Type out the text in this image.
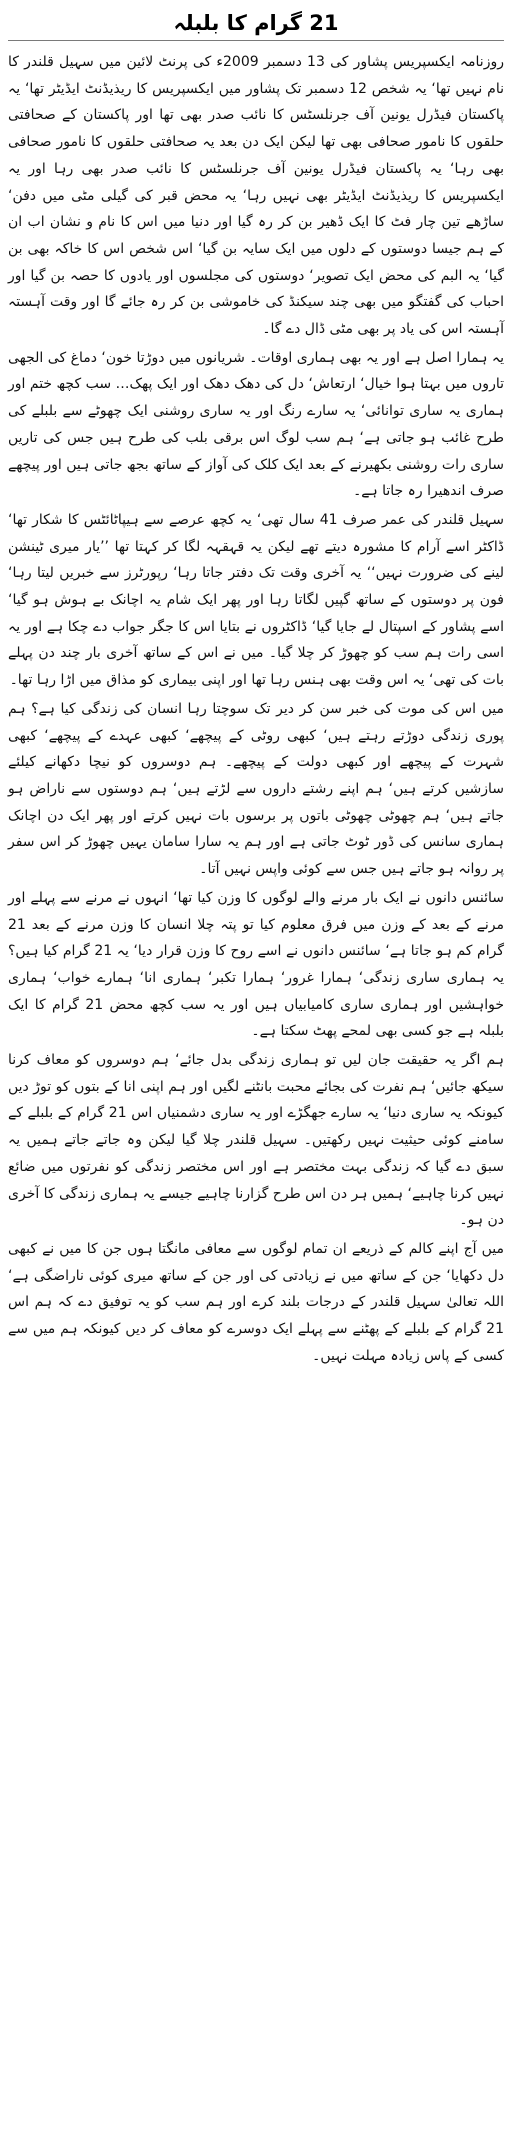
21 گرام کا بلبلہ

روزنامہ ایکسپریس پشاور کی 13 دسمبر 2009ء کی پرنٹ لائین میں سہیل قلندر کا نام نہیں تھا‘ یہ شخص 12 دسمبر تک پشاور میں ایکسپریس کا ریذیڈنٹ ایڈیٹر تھا‘ یہ پاکستان فیڈرل یونین آف جرنلسٹس کا نائب صدر بھی تھا اور پاکستان کے صحافتی حلقوں کا نامور صحافی بھی تھا لیکن ایک دن بعد یہ صحافتی حلقوں کا نامور صحافی بھی رہا‘ یہ پاکستان فیڈرل یونین آف جرنلسٹس کا نائب صدر بھی رہا اور یہ ایکسپریس کا ریذیڈنٹ ایڈیٹر بھی نہیں رہا‘ یہ محض قبر کی گیلی مٹی میں دفن‘ ساڑھے تین چار فٹ کا ایک ڈھیر بن کر رہ گیا اور دنیا میں اس کا نام و نشان اب ان کے ہم جیسا دوستوں کے دلوں میں ایک سایہ بن گیا‘ اس شخص اس کا خاکہ بھی بن گیا‘ یہ البم کی محض ایک تصویر‘ دوستوں کی مجلسوں اور یادوں کا حصہ بن گیا اور احباب کی گفتگو میں بھی چند سیکنڈ کی خاموشی بن کر رہ جائے گا اور وقت آہستہ آہستہ اس کی یاد پر بھی مٹی ڈال دے گا۔

یہ ہمارا اصل ہے اور یہ بھی ہماری اوقات۔ شریانوں میں دوڑتا خون‘ دماغ کی الجھی تاروں میں بہتا ہوا خیال‘ ارتعاش‘ دل کی دھک دھک اور ایک پھک… سب کچھ ختم اور ہماری یہ ساری توانائی‘ یہ سارے رنگ اور یہ ساری روشنی ایک چھوٹے سے بلبلے کی طرح غائب ہو جاتی ہے‘ ہم سب لوگ اس برقی بلب کی طرح ہیں جس کی تاریں ساری رات روشنی بکھیرنے کے بعد ایک کلک کی آواز کے ساتھ بجھ جاتی ہیں اور پیچھے صرف اندھیرا رہ جاتا ہے۔

سہیل قلندر کی عمر صرف 41 سال تھی‘ یہ کچھ عرصے سے ہیپاٹائٹس کا شکار تھا‘ ڈاکٹر اسے آرام کا مشورہ دیتے تھے لیکن یہ قہقہہ لگا کر کہتا تھا ’’یار میری ٹینشن لینے کی ضرورت نہیں‘‘ یہ آخری وقت تک دفتر جاتا رہا‘ رپورٹرز سے خبریں لیتا رہا‘ فون پر دوستوں کے ساتھ گپیں لگاتا رہا اور پھر ایک شام یہ اچانک بے ہوش ہو گیا‘ اسے پشاور کے اسپتال لے جایا گیا‘ ڈاکٹروں نے بتایا اس کا جگر جواب دے چکا ہے اور یہ اسی رات ہم سب کو چھوڑ کر چلا گیا۔ میں نے اس کے ساتھ آخری بار چند دن پہلے بات کی تھی‘ یہ اس وقت بھی ہنس رہا تھا اور اپنی بیماری کو مذاق میں اڑا رہا تھا۔

میں اس کی موت کی خبر سن کر دیر تک سوچتا رہا انسان کی زندگی کیا ہے؟ ہم پوری زندگی دوڑتے رہتے ہیں‘ کبھی روٹی کے پیچھے‘ کبھی عہدے کے پیچھے‘ کبھی شہرت کے پیچھے اور کبھی دولت کے پیچھے۔ ہم دوسروں کو نیچا دکھانے کیلئے سازشیں کرتے ہیں‘ ہم اپنے رشتے داروں سے لڑتے ہیں‘ ہم دوستوں سے ناراض ہو جاتے ہیں‘ ہم چھوٹی چھوٹی باتوں پر برسوں بات نہیں کرتے اور پھر ایک دن اچانک ہماری سانس کی ڈور ٹوٹ جاتی ہے اور ہم یہ سارا سامان یہیں چھوڑ کر اس سفر پر روانہ ہو جاتے ہیں جس سے کوئی واپس نہیں آتا۔

سائنس دانوں نے ایک بار مرنے والے لوگوں کا وزن کیا تھا‘ انہوں نے مرنے سے پہلے اور مرنے کے بعد کے وزن میں فرق معلوم کیا تو پتہ چلا انسان کا وزن مرنے کے بعد 21 گرام کم ہو جاتا ہے‘ سائنس دانوں نے اسے روح کا وزن قرار دیا‘ یہ 21 گرام کیا ہیں؟ یہ ہماری ساری زندگی‘ ہمارا غرور‘ ہمارا تکبر‘ ہماری انا‘ ہمارے خواب‘ ہماری خواہشیں اور ہماری ساری کامیابیاں ہیں اور یہ سب کچھ محض 21 گرام کا ایک بلبلہ ہے جو کسی بھی لمحے پھٹ سکتا ہے۔

ہم اگر یہ حقیقت جان لیں تو ہماری زندگی بدل جائے‘ ہم دوسروں کو معاف کرنا سیکھ جائیں‘ ہم نفرت کی بجائے محبت بانٹنے لگیں اور ہم اپنی انا کے بتوں کو توڑ دیں کیونکہ یہ ساری دنیا‘ یہ سارے جھگڑے اور یہ ساری دشمنیاں اس 21 گرام کے بلبلے کے سامنے کوئی حیثیت نہیں رکھتیں۔ سہیل قلندر چلا گیا لیکن وہ جاتے جاتے ہمیں یہ سبق دے گیا کہ زندگی بہت مختصر ہے اور اس مختصر زندگی کو نفرتوں میں ضائع نہیں کرنا چاہیے‘ ہمیں ہر دن اس طرح گزارنا چاہیے جیسے یہ ہماری زندگی کا آخری دن ہو۔

میں آج اپنے کالم کے ذریعے ان تمام لوگوں سے معافی مانگتا ہوں جن کا میں نے کبھی دل دکھایا‘ جن کے ساتھ میں نے زیادتی کی اور جن کے ساتھ میری کوئی ناراضگی ہے‘ اللہ تعالیٰ سہیل قلندر کے درجات بلند کرے اور ہم سب کو یہ توفیق دے کہ ہم اس 21 گرام کے بلبلے کے پھٹنے سے پہلے ایک دوسرے کو معاف کر دیں کیونکہ ہم میں سے کسی کے پاس زیادہ مہلت نہیں۔
